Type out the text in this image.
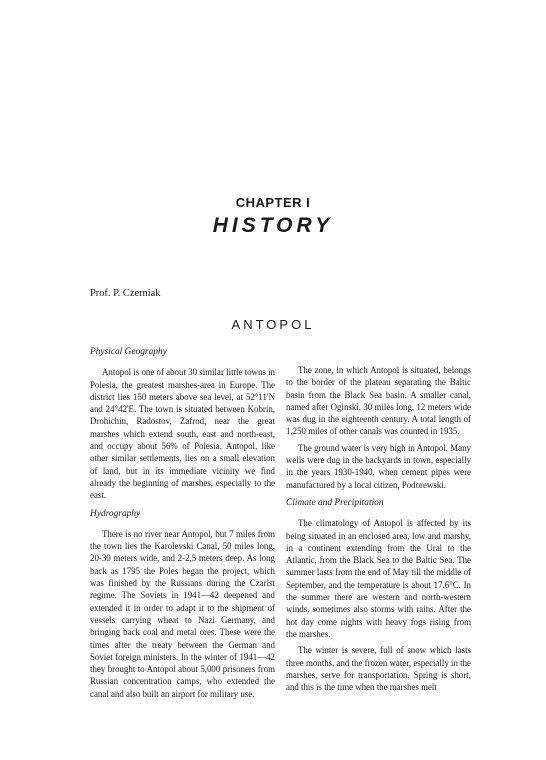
CHAPTER I
HISTORY
Prof. P. Czerniak
ANTOPOL
Physical Geography

Antopol is one of about 30 similar little towns in Polesia, the greatest marshes-area in Europe. The district lies 150 meters above sea level, at 52°11'N and 24°42'E. The town is situated between Kobrin, Drohichin, Radostov, Zafrod, near the great marshes which extend south, east and north-east, and occupy about 56% of Polesia. Antopol, like other similar settlements, lies on a small elevation of land, but in its immediate vicinity we find already the beginning of marshes, especially to the east.

Hydrography

There is no river near Antopol, but 7 miles from the town lies the Karolevski Canal, 50 miles long, 20-30 meters wide, and 2-2,5 meters deep. As long back as 1795 the Poles began the project, which was finished by the Russians during the Czarist regime. The Soviets in 1941—42 deepened and extended it in order to adapt it to the shipment of vessels carrying wheat to Nazi Germany, and bringing back coal and metal ores. These were the times after the treaty between the German and Soviet foreign ministers. In the winter of 1941—42 they brought to Antopol about 5,000 prisoners from Russian concentration camps, who extended the canal and also built an airport for military use.

The zone, in which Antopol is situated, belongs to the border of the plateau separating the Baltic basin from the Black Sea basin. A smaller canal, named after Oginski, 30 miles long, 12 meters wide was dug in the eighteenth century. A total length of 1,250 miles of other canals was counted in 1935.

The ground water is very high in Antopol. Many wells were dug in the backyards in town, especially in the years 1930-1940, when cement pipes were manufactured by a local citizen, Podorewski.

Climate and Precipitation

The climatology of Antopol is affected by its being situated in an enclosed area, low and marshy, in a continent extending from the Ural to the Atlantic, from the Black Sea to the Baltic Sea. The summer lasts from the end of May till the middle of September, and the temperature is about 17.6°C. In the summer there are western and north-western winds, sometimes also storms with rains. After the hot day come nights with heavy fogs rising from the marshes.

The winter is severe, full of snow which lasts three months, and the frozen water, especially in the marshes, serve for transportation. Spring is short, and this is the time when the marshes melt
